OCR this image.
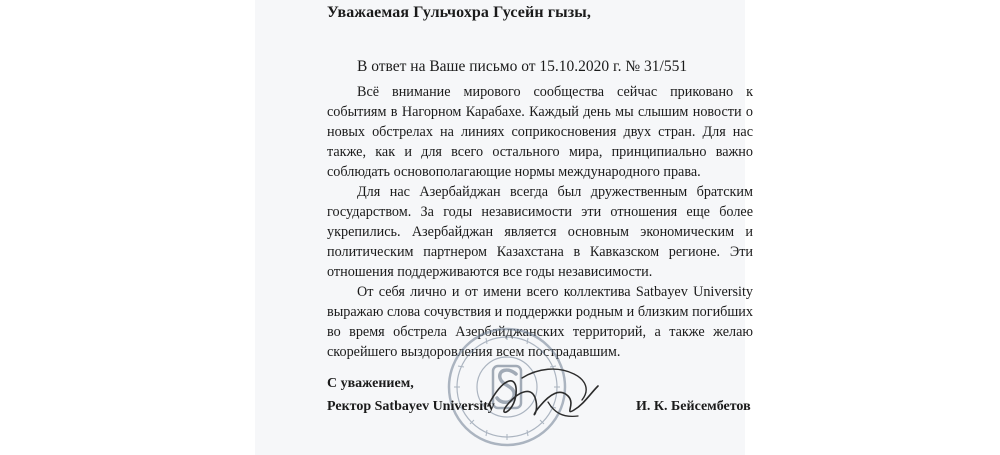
Уважаемая Гульчохра Гусейн гызы,

В ответ на Ваше письмо от 15.10.2020 г. № 31/551

Всё внимание мирового сообщества сейчас приковано к событиям в Нагорном Карабахе. Каждый день мы слышим новости о новых обстрелах на линиях соприкосновения двух стран. Для нас также, как и для всего остального мира, принципиально важно соблюдать основополагающие нормы международного права.

Для нас Азербайджан всегда был дружественным братским государством. За годы независимости эти отношения еще более укрепились. Азербайджан является основным экономическим и политическим партнером Казахстана в Кавказском регионе. Эти отношения поддерживаются все годы независимости.

От себя лично и от имени всего коллектива Satbayev University выражаю слова сочувствия и поддержки родным и близким погибших во время обстрела Азербайджанских территорий, а также желаю скорейшего выздоровления всем пострадавшим.

С уважением,

Ректор Satbayev University	И. К. Бейсембетов
